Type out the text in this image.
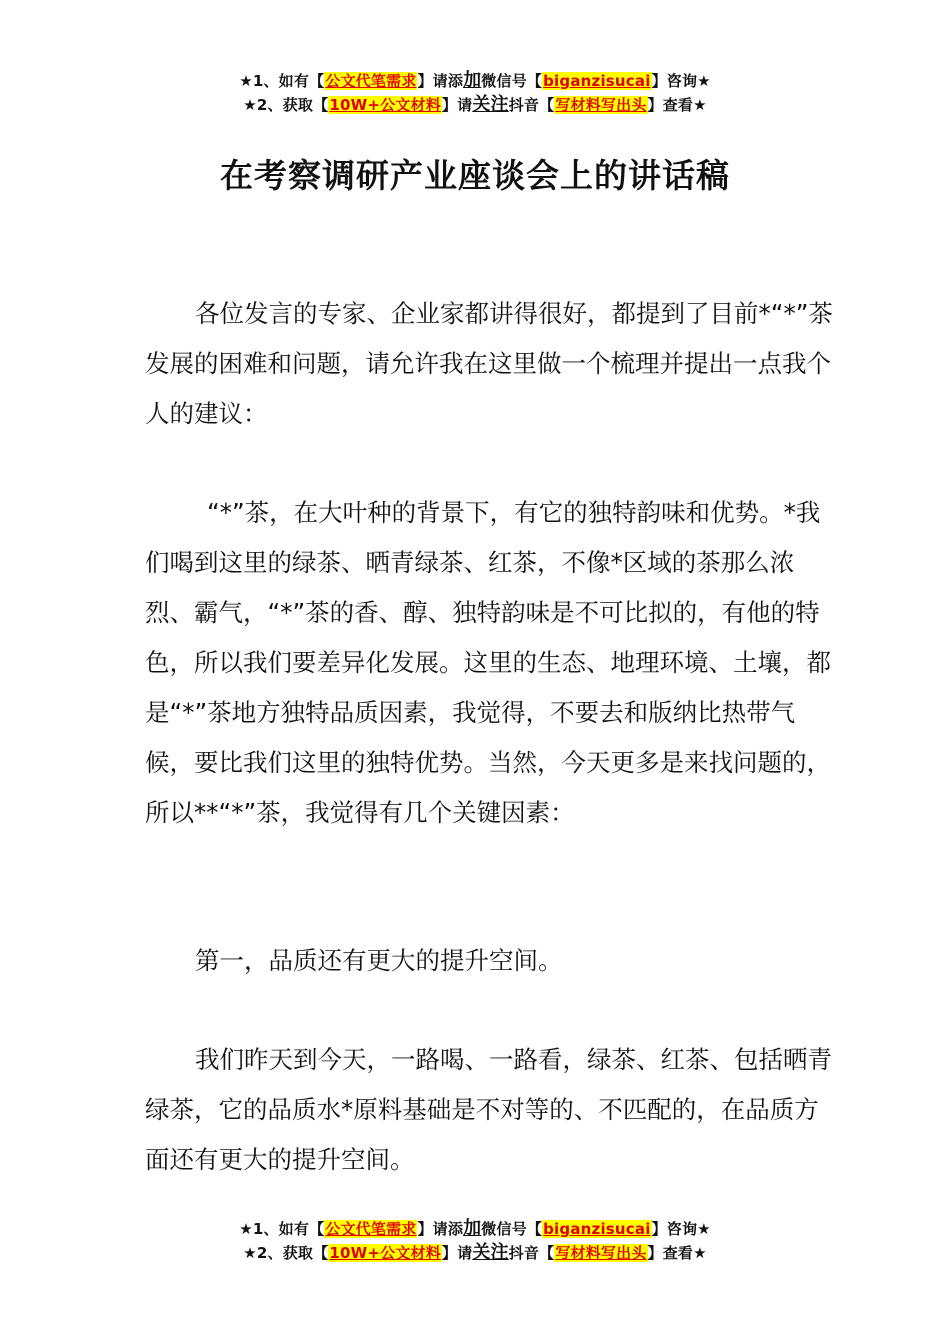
★1、如有【公文代笔需求】请添加微信号【biganzisucai】咨询★
★2、获取【10W+公文材料】请关注抖音【写材料写出头】查看★
在考察调研产业座谈会上的讲话稿

各位发言的专家、企业家都讲得很好，都提到了目前*“*”茶发展的困难和问题，请允许我在这里做一个梳理并提出一点我个人的建议：

“*”茶，在大叶种的背景下，有它的独特韵味和优势。*我们喝到这里的绿茶、晒青绿茶、红茶，不像*区域的茶那么浓烈、霸气，“*”茶的香、醇、独特韵味是不可比拟的，有他的特色，所以我们要差异化发展。这里的生态、地理环境、土壤，都是“*”茶地方独特品质因素，我觉得，不要去和版纳比热带气候，要比我们这里的独特优势。当然，今天更多是来找问题的，所以**“*”茶，我觉得有几个关键因素：

第一，品质还有更大的提升空间。

我们昨天到今天，一路喝、一路看，绿茶、红茶、包括晒青绿茶，它的品质水*原料基础是不对等的、不匹配的，在品质方面还有更大的提升空间。

★1、如有【公文代笔需求】请添加微信号【biganzisucai】咨询★
★2、获取【10W+公文材料】请关注抖音【写材料写出头】查看★
